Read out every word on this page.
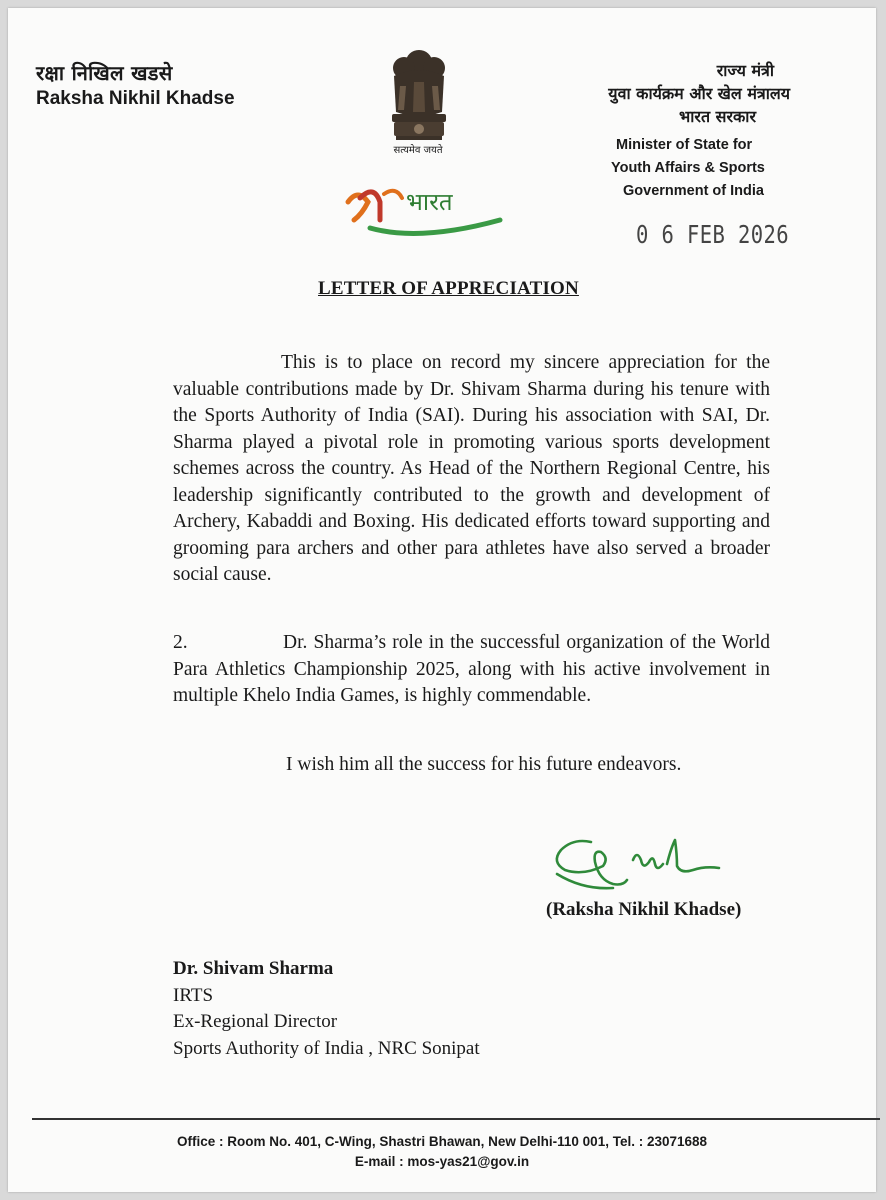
रक्षा निखिल खडसे
Raksha Nikhil Khadse
सत्यमेव जयते
भारत
राज्य मंत्री
युवा कार्यक्रम और खेल मंत्रालय
भारत सरकार
Minister of State for
Youth Affairs & Sports
Government of India
0 6 FEB 2026
LETTER OF APPRECIATION
This is to place on record my sincere appreciation for the valuable contributions made by Dr. Shivam Sharma during his tenure with the Sports Authority of India (SAI). During his association with SAI, Dr. Sharma played a pivotal role in promoting various sports development schemes across the country. As Head of the Northern Regional Centre, his leadership significantly contributed to the growth and development of Archery, Kabaddi and Boxing. His dedicated efforts toward supporting and grooming para archers and other para athletes have also served a broader social cause.
2.	Dr. Sharma’s role in the successful organization of the World Para Athletics Championship 2025, along with his active involvement in multiple Khelo India Games, is highly commendable.
I wish him all the success for his future endeavors.
(Raksha Nikhil Khadse)
Dr. Shivam Sharma
IRTS
Ex-Regional Director
Sports Authority of India , NRC Sonipat
Office : Room No. 401, C-Wing, Shastri Bhawan, New Delhi-110 001, Tel. : 23071688
E-mail : mos-yas21@gov.in
